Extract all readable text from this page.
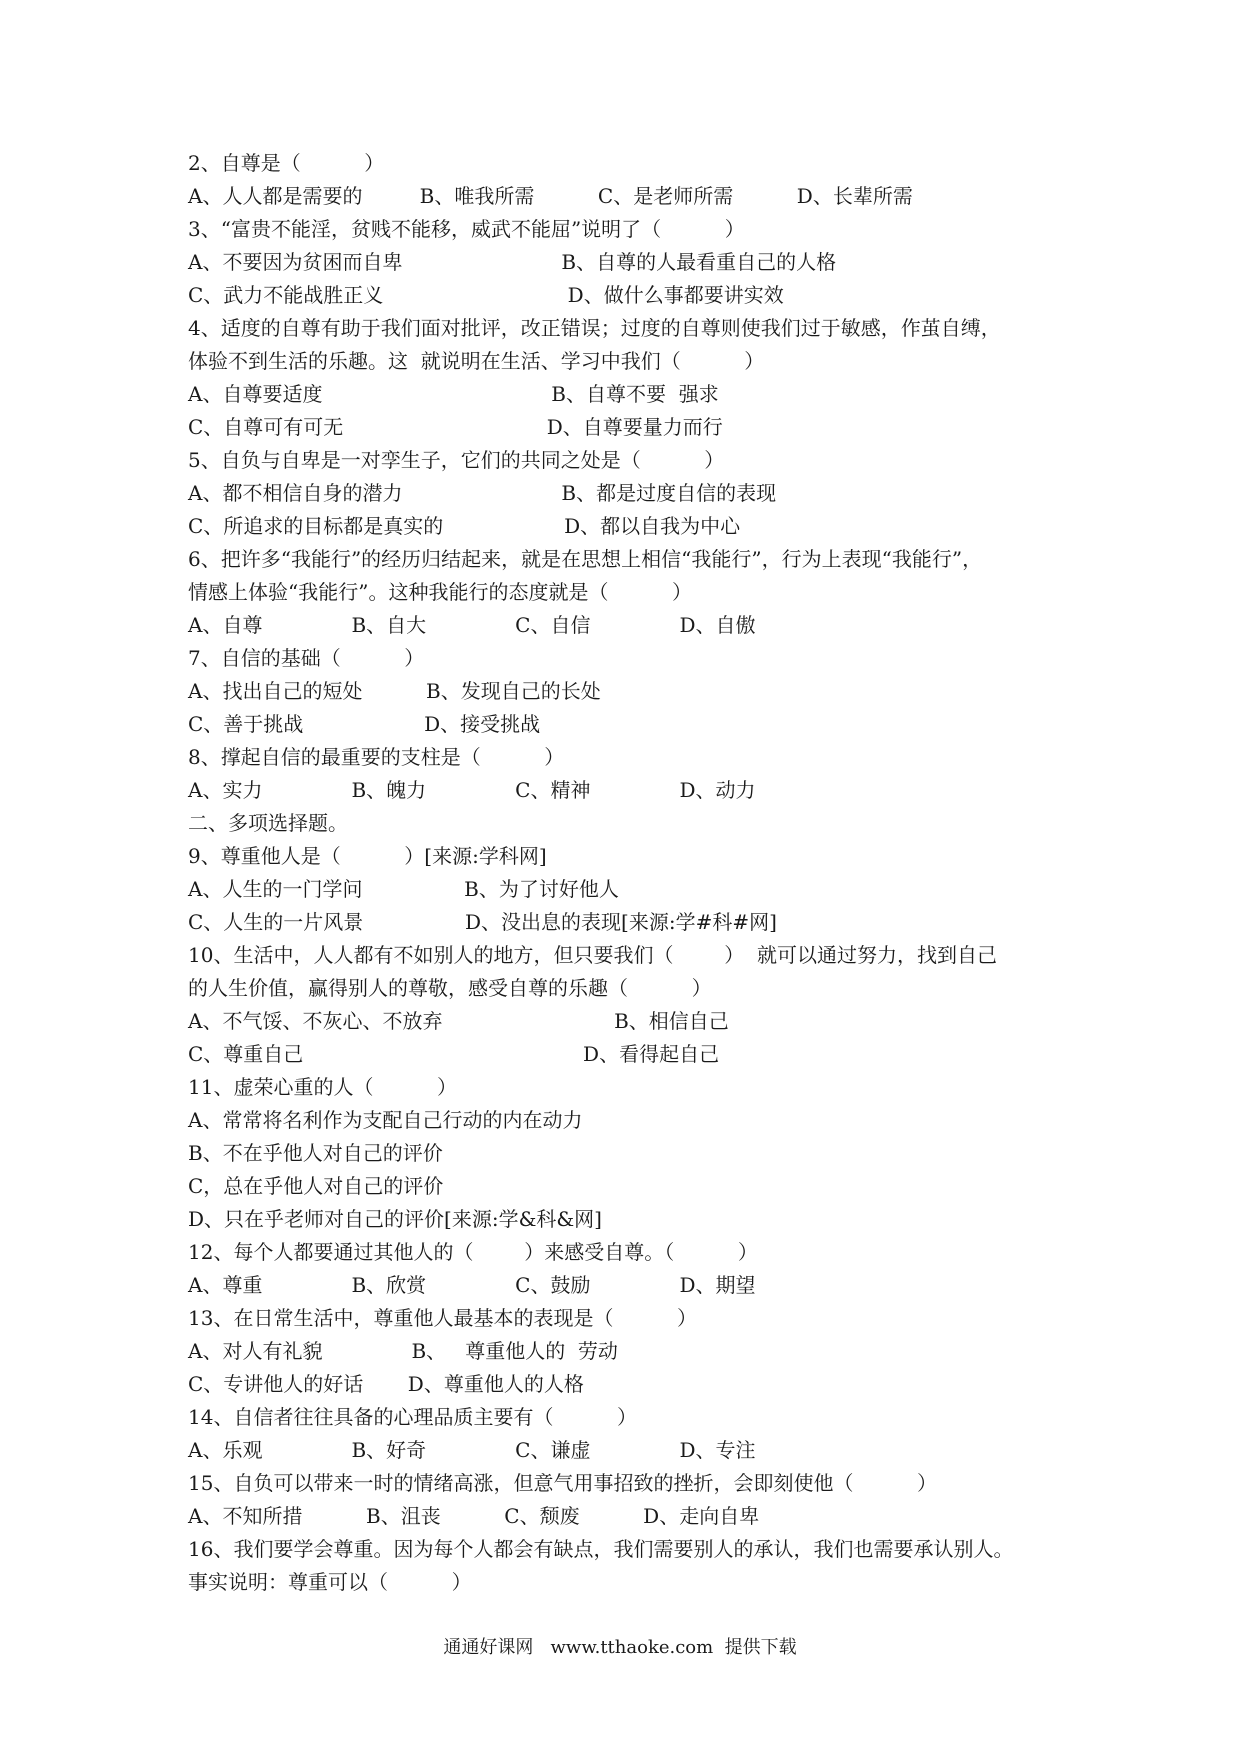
2、自尊是（          ）
A、人人都是需要的         B、唯我所需          C、是老师所需          D、长辈所需
3、“富贵不能淫，贫贱不能移，威武不能屈”说明了（          ）
A、不要因为贫困而自卑                         B、自尊的人最看重自己的人格
C、武力不能战胜正义                             D、做什么事都要讲实效
4、适度的自尊有助于我们面对批评，改正错误；过度的自尊则使我们过于敏感，作茧自缚，
体验不到生活的乐趣。这  就说明在生活、学习中我们（          ）
A、自尊要适度                                    B、自尊不要  强求
C、自尊可有可无                                D、自尊要量力而行
5、自负与自卑是一对孪生子，它们的共同之处是（          ）
A、都不相信自身的潜力                         B、都是过度自信的表现
C、所追求的目标都是真实的                   D、都以自我为中心
6、把许多“我能行”的经历归结起来，就是在思想上相信“我能行”，行为上表现“我能行”，
情感上体验“我能行”。这种我能行的态度就是（          ）
A、自尊              B、自大              C、自信              D、自傲
7、自信的基础（          ）
A、找出自己的短处          B、发现自己的长处
C、善于挑战                   D、接受挑战
8、撑起自信的最重要的支柱是（          ）
A、实力              B、魄力              C、精神              D、动力
二、多项选择题。
9、尊重他人是（          ）[来源:学科网]
A、人生的一门学问                B、为了讨好他人
C、人生的一片风景                D、没出息的表现[来源:学#科#网]
10、生活中，人人都有不如别人的地方，但只要我们（        ）  就可以通过努力，找到自己
的人生价值，赢得别人的尊敬，感受自尊的乐趣（          ）
A、不气馁、不灰心、不放弃                           B、相信自己
C、尊重自己                                            D、看得起自己
11、虚荣心重的人（          ）
A、常常将名利作为支配自己行动的内在动力
B、不在乎他人对自己的评价
C，总在乎他人对自己的评价
D、只在乎老师对自己的评价[来源:学&科&网]
12、每个人都要通过其他人的（        ）来感受自尊。（          ）
A、尊重              B、欣赏              C、鼓励              D、期望
13、在日常生活中，尊重他人最基本的表现是（          ）
A、对人有礼貌              B、   尊重他人的  劳动
C、专讲他人的好话       D、尊重他人的人格
14、自信者往往具备的心理品质主要有（          ）
A、乐观              B、好奇              C、谦虚              D、专注
15、自负可以带来一时的情绪高涨，但意气用事招致的挫折，会即刻使他（          ）
A、不知所措          B、沮丧          C、颓废          D、走向自卑
16、我们要学会尊重。因为每个人都会有缺点，我们需要别人的承认，我们也需要承认别人。
事实说明：尊重可以（          ）
通通好课网   www.tthaoke.com  提供下载
